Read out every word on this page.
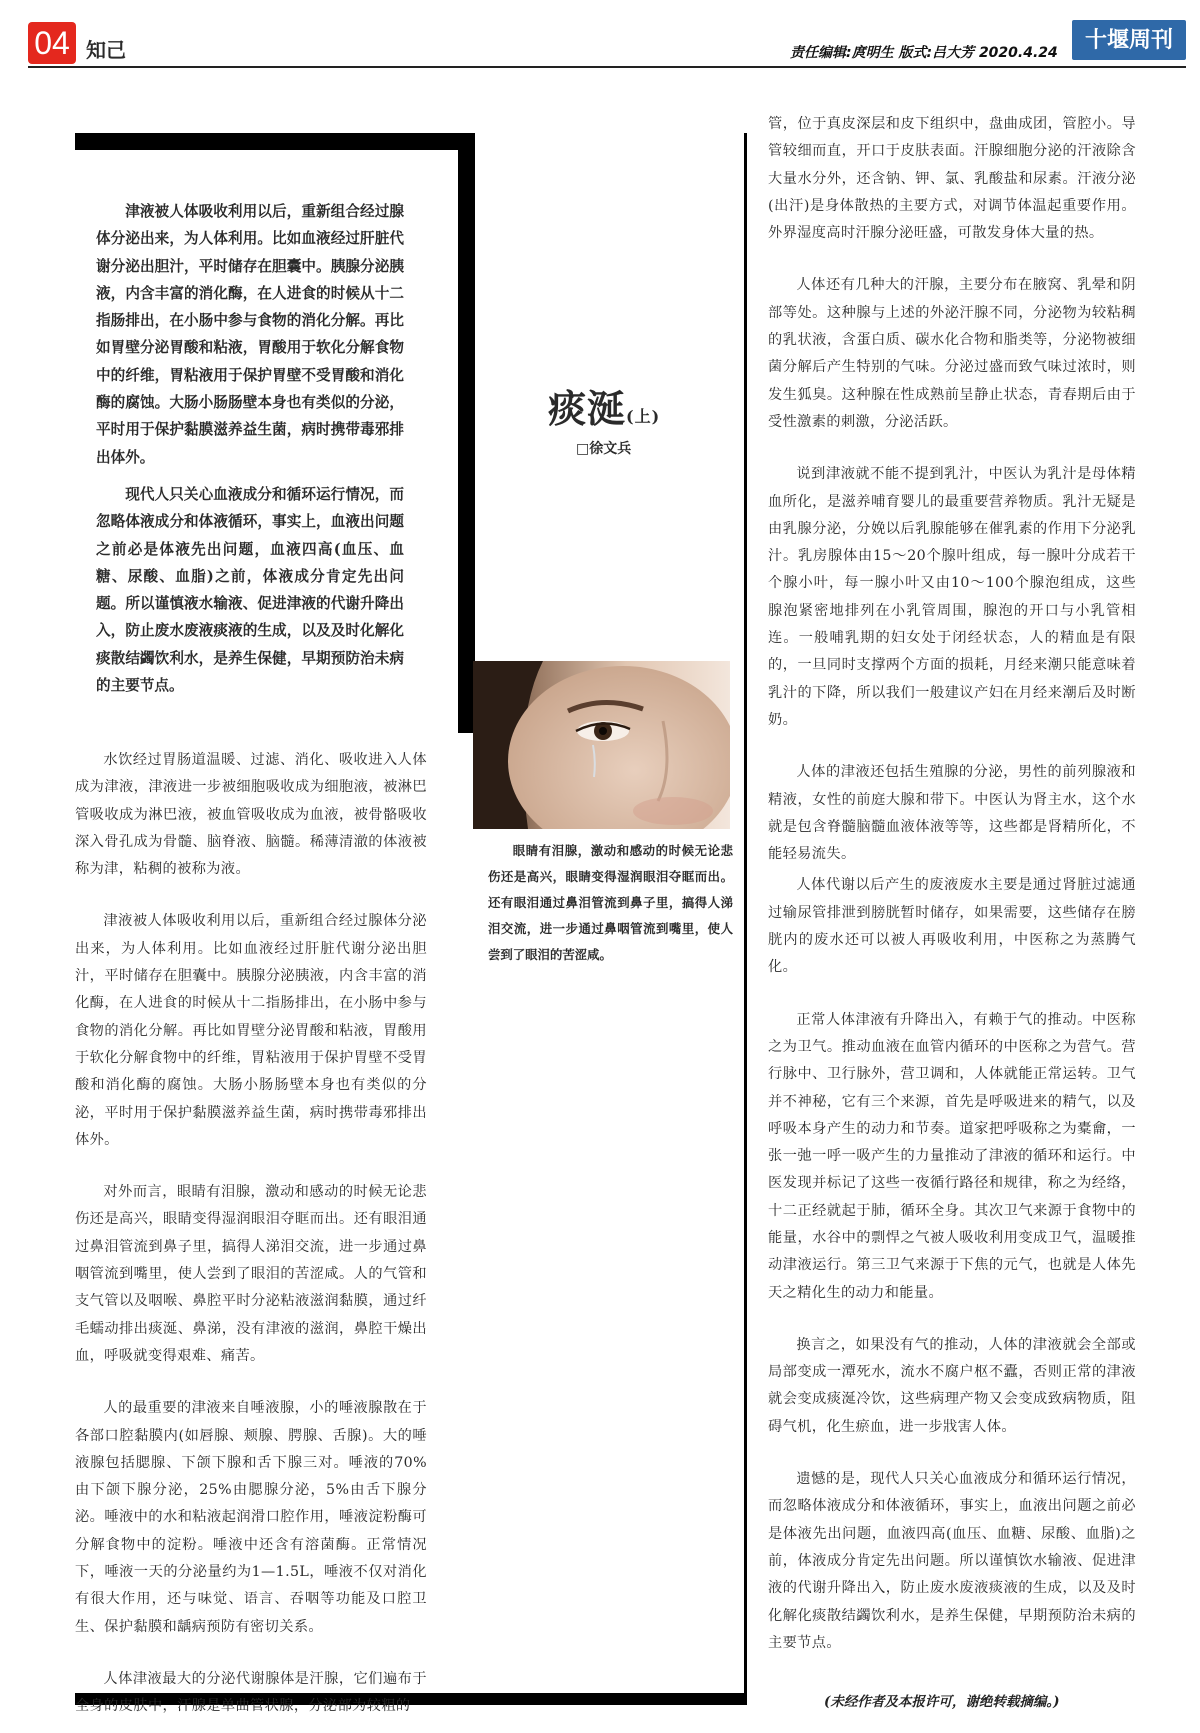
04 知己	责任编辑:庹明生 版式:吕大芳 2020.4.24	十堰周刊

津液被人体吸收利用以后，重新组合经过腺体分泌出来，为人体利用。比如血液经过肝脏代谢分泌出胆汁，平时储存在胆囊中。胰腺分泌胰液，内含丰富的消化酶，在人进食的时候从十二指肠排出，在小肠中参与食物的消化分解。再比如胃壁分泌胃酸和粘液，胃酸用于软化分解食物中的纤维，胃粘液用于保护胃壁不受胃酸和消化酶的腐蚀。大肠小肠肠壁本身也有类似的分泌，平时用于保护黏膜滋养益生菌，病时携带毒邪排出体外。

现代人只关心血液成分和循环运行情况，而忽略体液成分和体液循环，事实上，血液出问题之前必是体液先出问题，血液四高(血压、血糖、尿酸、血脂)之前，体液成分肯定先出问题。所以谨慎液水输液、促进津液的代谢升降出入，防止废水废液痰液的生成，以及及时化解化痰散结蠲饮利水，是养生保健，早期预防治未病的主要节点。

痰涎(上)
□徐文兵

眼睛有泪腺，激动和感动的时候无论悲伤还是高兴，眼睛变得湿润眼泪夺眶而出。还有眼泪通过鼻泪管流到鼻子里，搞得人涕泪交流，进一步通过鼻咽管流到嘴里，使人尝到了眼泪的苦涩咸。

水饮经过胃肠道温暖、过滤、消化、吸收进入人体成为津液，津液进一步被细胞吸收成为细胞液，被淋巴管吸收成为淋巴液，被血管吸收成为血液，被骨骼吸收深入骨孔成为骨髓、脑脊液、脑髓。稀薄清澈的体液被称为津，粘稠的被称为液。

津液被人体吸收利用以后，重新组合经过腺体分泌出来，为人体利用。比如血液经过肝脏代谢分泌出胆汁，平时储存在胆囊中。胰腺分泌胰液，内含丰富的消化酶，在人进食的时候从十二指肠排出，在小肠中参与食物的消化分解。再比如胃壁分泌胃酸和粘液，胃酸用于软化分解食物中的纤维，胃粘液用于保护胃壁不受胃酸和消化酶的腐蚀。大肠小肠肠壁本身也有类似的分泌，平时用于保护黏膜滋养益生菌，病时携带毒邪排出体外。

对外而言，眼睛有泪腺，激动和感动的时候无论悲伤还是高兴，眼睛变得湿润眼泪夺眶而出。还有眼泪通过鼻泪管流到鼻子里，搞得人涕泪交流，进一步通过鼻咽管流到嘴里，使人尝到了眼泪的苦涩咸。人的气管和支气管以及咽喉、鼻腔平时分泌粘液滋润黏膜，通过纤毛蠕动排出痰涎、鼻涕，没有津液的滋润，鼻腔干燥出血，呼吸就变得艰难、痛苦。

人的最重要的津液来自唾液腺，小的唾液腺散在于各部口腔黏膜内(如唇腺、颊腺、腭腺、舌腺)。大的唾液腺包括腮腺、下颌下腺和舌下腺三对。唾液的70%由下颌下腺分泌，25%由腮腺分泌，5%由舌下腺分泌。唾液中的水和粘液起润滑口腔作用，唾液淀粉酶可分解食物中的淀粉。唾液中还含有溶菌酶。正常情况下，唾液一天的分泌量约为1—1.5L，唾液不仅对消化有很大作用，还与味觉、语言、吞咽等功能及口腔卫生、保护黏膜和龋病预防有密切关系。

人体津液最大的分泌代谢腺体是汗腺，它们遍布于全身的皮肤中，汗腺是单曲管状腺，分泌部为较粗的

管，位于真皮深层和皮下组织中，盘曲成团，管腔小。导管较细而直，开口于皮肤表面。汗腺细胞分泌的汗液除含大量水分外，还含钠、钾、氯、乳酸盐和尿素。汗液分泌(出汗)是身体散热的主要方式，对调节体温起重要作用。外界湿度高时汗腺分泌旺盛，可散发身体大量的热。

人体还有几种大的汗腺，主要分布在腋窝、乳晕和阴部等处。这种腺与上述的外泌汗腺不同，分泌物为较粘稠的乳状液，含蛋白质、碳水化合物和脂类等，分泌物被细菌分解后产生特别的气味。分泌过盛而致气味过浓时，则发生狐臭。这种腺在性成熟前呈静止状态，青春期后由于受性激素的刺激，分泌活跃。

说到津液就不能不提到乳汁，中医认为乳汁是母体精血所化，是滋养哺育婴儿的最重要营养物质。乳汁无疑是由乳腺分泌，分娩以后乳腺能够在催乳素的作用下分泌乳汁。乳房腺体由15～20个腺叶组成，每一腺叶分成若干个腺小叶，每一腺小叶又由10～100个腺泡组成，这些腺泡紧密地排列在小乳管周围，腺泡的开口与小乳管相连。一般哺乳期的妇女处于闭经状态，人的精血是有限的，一旦同时支撑两个方面的损耗，月经来潮只能意味着乳汁的下降，所以我们一般建议产妇在月经来潮后及时断奶。

人体的津液还包括生殖腺的分泌，男性的前列腺液和精液，女性的前庭大腺和带下。中医认为肾主水，这个水就是包含脊髓脑髓血液体液等等，这些都是肾精所化，不能轻易流失。

人体代谢以后产生的废液废水主要是通过肾脏过滤通过输尿管排泄到膀胱暂时储存，如果需要，这些储存在膀胱内的废水还可以被人再吸收利用，中医称之为蒸腾气化。

正常人体津液有升降出入，有赖于气的推动。中医称之为卫气。推动血液在血管内循环的中医称之为营气。营行脉中、卫行脉外，营卫调和，人体就能正常运转。卫气并不神秘，它有三个来源，首先是呼吸进来的精气，以及呼吸本身产生的动力和节奏。道家把呼吸称之为橐龠，一张一弛一呼一吸产生的力量推动了津液的循环和运行。中医发现并标记了这些一夜循行路径和规律，称之为经络，十二正经就起于肺，循环全身。其次卫气来源于食物中的能量，水谷中的剽悍之气被人吸收利用变成卫气，温暖推动津液运行。第三卫气来源于下焦的元气，也就是人体先天之精化生的动力和能量。

换言之，如果没有气的推动，人体的津液就会全部或局部变成一潭死水，流水不腐户枢不蠹，否则正常的津液就会变成痰涎冷饮，这些病理产物又会变成致病物质，阻碍气机，化生瘀血，进一步戕害人体。

遗憾的是，现代人只关心血液成分和循环运行情况，而忽略体液成分和体液循环，事实上，血液出问题之前必是体液先出问题，血液四高(血压、血糖、尿酸、血脂)之前，体液成分肯定先出问题。所以谨慎饮水输液、促进津液的代谢升降出入，防止废水废液痰液的生成，以及及时化解化痰散结蠲饮利水，是养生保健，早期预防治未病的主要节点。

(未经作者及本报许可，谢绝转载摘编。)
